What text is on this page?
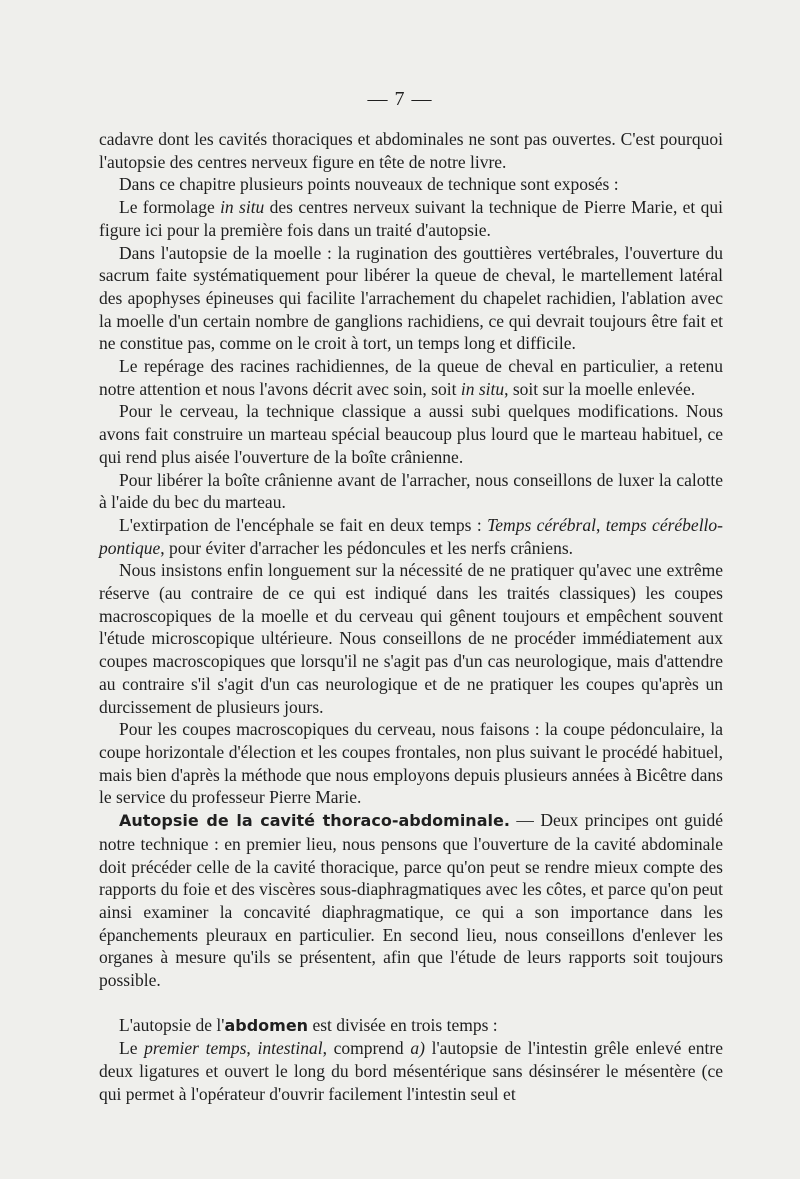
— 7 —

cadavre dont les cavités thoraciques et abdominales ne sont pas ouvertes. C'est pourquoi l'autopsie des centres nerveux figure en tête de notre livre.

Dans ce chapitre plusieurs points nouveaux de technique sont exposés :

Le formolage in situ des centres nerveux suivant la technique de Pierre Marie, et qui figure ici pour la première fois dans un traité d'autopsie.

Dans l'autopsie de la moelle : la rugination des gouttières vertébrales, l'ouverture du sacrum faite systématiquement pour libérer la queue de cheval, le martellement latéral des apophyses épineuses qui facilite l'arrachement du chapelet rachidien, l'ablation avec la moelle d'un certain nombre de ganglions rachidiens, ce qui devrait toujours être fait et ne constitue pas, comme on le croit à tort, un temps long et difficile.

Le repérage des racines rachidiennes, de la queue de cheval en particulier, a retenu notre attention et nous l'avons décrit avec soin, soit in situ, soit sur la moelle enlevée.

Pour le cerveau, la technique classique a aussi subi quelques modifications. Nous avons fait construire un marteau spécial beaucoup plus lourd que le marteau habituel, ce qui rend plus aisée l'ouverture de la boîte crânienne.

Pour libérer la boîte crânienne avant de l'arracher, nous conseillons de luxer la calotte à l'aide du bec du marteau.

L'extirpation de l'encéphale se fait en deux temps : Temps cérébral, temps cérébello-pontique, pour éviter d'arracher les pédoncules et les nerfs crâniens.

Nous insistons enfin longuement sur la nécessité de ne pratiquer qu'avec une extrême réserve (au contraire de ce qui est indiqué dans les traités classiques) les coupes macroscopiques de la moelle et du cerveau qui gênent toujours et empêchent souvent l'étude microscopique ultérieure. Nous conseillons de ne procéder immédiatement aux coupes macroscopiques que lorsqu'il ne s'agit pas d'un cas neurologique, mais d'attendre au contraire s'il s'agit d'un cas neurologique et de ne pratiquer les coupes qu'après un durcissement de plusieurs jours.

Pour les coupes macroscopiques du cerveau, nous faisons : la coupe pédonculaire, la coupe horizontale d'élection et les coupes frontales, non plus suivant le procédé habituel, mais bien d'après la méthode que nous employons depuis plusieurs années à Bicêtre dans le service du professeur Pierre Marie.

Autopsie de la cavité thoraco-abdominale. — Deux principes ont guidé notre technique : en premier lieu, nous pensons que l'ouverture de la cavité abdominale doit précéder celle de la cavité thoracique, parce qu'on peut se rendre mieux compte des rapports du foie et des viscères sous-diaphragmatiques avec les côtes, et parce qu'on peut ainsi examiner la concavité diaphragmatique, ce qui a son importance dans les épanchements pleuraux en particulier. En second lieu, nous conseillons d'enlever les organes à mesure qu'ils se présentent, afin que l'étude de leurs rapports soit toujours possible.

L'autopsie de l'abdomen est divisée en trois temps :

Le premier temps, intestinal, comprend a) l'autopsie de l'intestin grêle enlevé entre deux ligatures et ouvert le long du bord mésentérique sans désinsérer le mésentère (ce qui permet à l'opérateur d'ouvrir facilement l'intestin seul et
